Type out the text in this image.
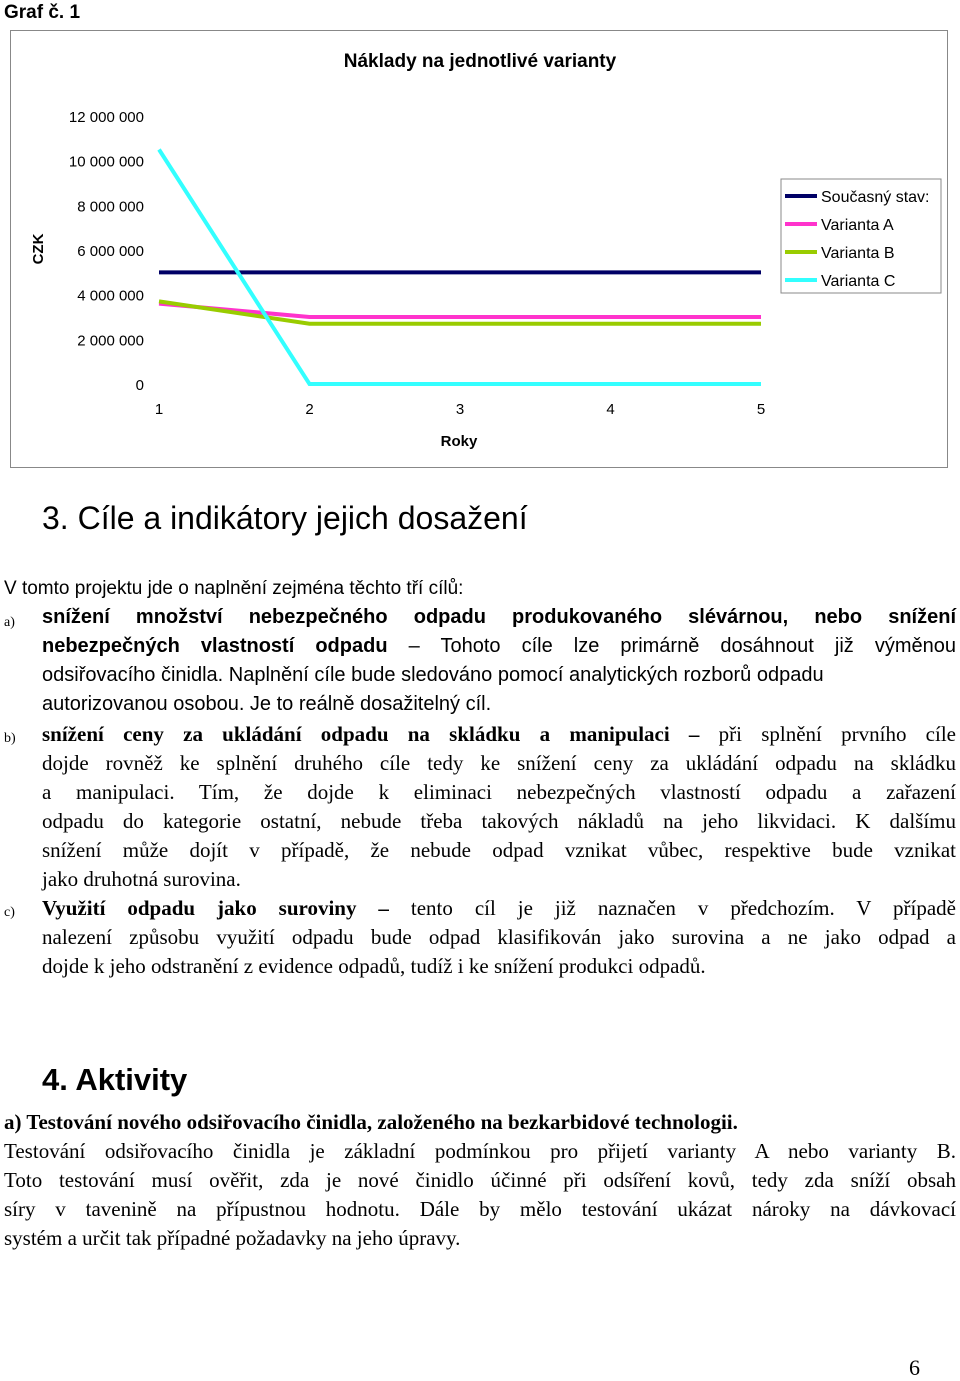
Graf č. 1
Náklady na jednotlivé varianty
CZK
Roky
0
2 000 000
4 000 000
6 000 000
8 000 000
10 000 000
12 000 000
1	2	3	4	5
Současný stav:
Varianta A
Varianta B
Varianta C
3. Cíle a indikátory jejich dosažení
V tomto projektu jde o naplnění zejména těchto tří cílů:
a) snížení množství nebezpečného odpadu produkovaného slévárnou, nebo snížení
nebezpečných vlastností odpadu – Tohoto cíle lze primárně dosáhnout již výměnou
odsiřovacího činidla. Naplnění cíle bude sledováno pomocí analytických rozborů odpadu
autorizovanou osobou. Je to reálně dosažitelný cíl.
b) snížení ceny za ukládání odpadu na skládku a manipulaci – při splnění prvního cíle
dojde rovněž ke splnění druhého cíle tedy ke snížení ceny za ukládání odpadu na skládku
a manipulaci. Tím, že dojde k eliminaci nebezpečných vlastností odpadu a zařazení
odpadu do kategorie ostatní, nebude třeba takových nákladů na jeho likvidaci. K dalšímu
snížení může dojít v případě, že nebude odpad vznikat vůbec, respektive bude vznikat
jako druhotná surovina.
c) Využití odpadu jako suroviny – tento cíl je již naznačen v předchozím. V případě
nalezení způsobu využití odpadu bude odpad klasifikován jako surovina a ne jako odpad a
dojde k jeho odstranění z evidence odpadů, tudíž i ke snížení produkci odpadů.
4. Aktivity
a) Testování nového odsiřovacího činidla, založeného na bezkarbidové technologii.
Testování odsiřovacího činidla je základní podmínkou pro přijetí varianty A nebo varianty B.
Toto testování musí ověřit, zda je nové činidlo účinné při odsíření kovů, tedy zda sníží obsah
síry v tavenině na přípustnou hodnotu. Dále by mělo testování ukázat nároky na dávkovací
systém a určit tak případné požadavky na jeho úpravy.
6
